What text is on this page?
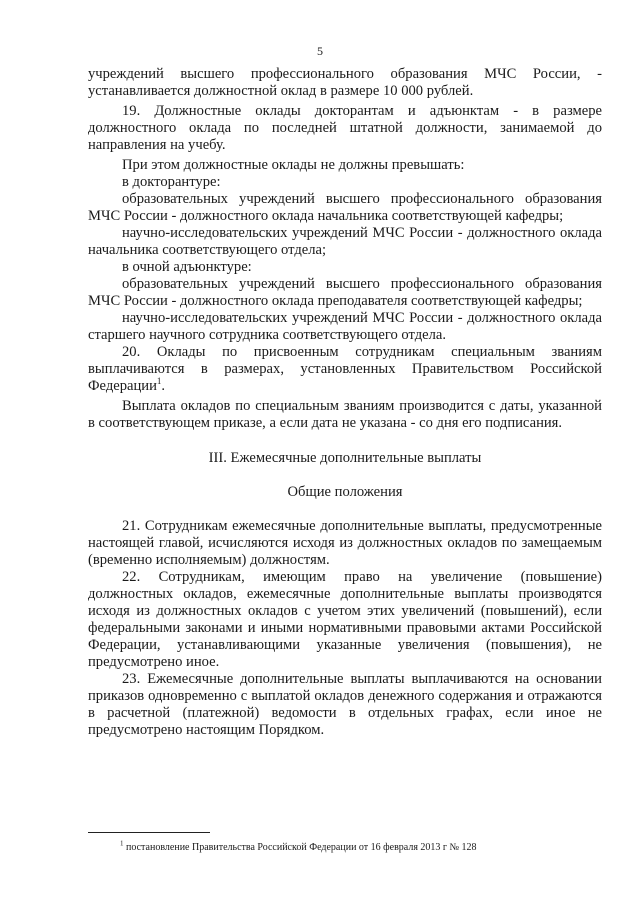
5

учреждений высшего профессионального образования МЧС России, - устанавливается должностной оклад в размере 10 000 рублей.

19. Должностные оклады докторантам и адъюнктам - в размере должностного оклада по последней штатной должности, занимаемой до направления на учебу.

При этом должностные оклады не должны превышать:

в докторантуре:

образовательных учреждений высшего профессионального образования МЧС России - должностного оклада начальника соответствующей кафедры;

научно-исследовательских учреждений МЧС России - должностного оклада начальника соответствующего отдела;

в очной адъюнктуре:

образовательных учреждений высшего профессионального образования МЧС России - должностного оклада преподавателя соответствующей кафедры;

научно-исследовательских учреждений МЧС России - должностного оклада старшего научного сотрудника соответствующего отдела.

20. Оклады по присвоенным сотрудникам специальным званиям выплачиваются в размерах, установленных Правительством Российской Федерации$^1$.

Выплата окладов по специальным званиям производится с даты, указанной в соответствующем приказе, а если дата не указана - со дня его подписания.

III. Ежемесячные дополнительные выплаты

Общие положения

21. Сотрудникам ежемесячные дополнительные выплаты, предусмотренные настоящей главой, исчисляются исходя из должностных окладов по замещаемым (временно исполняемым) должностям.

22. Сотрудникам, имеющим право на увеличение (повышение) должностных окладов, ежемесячные дополнительные выплаты производятся исходя из должностных окладов с учетом этих увеличений (повышений), если федеральными законами и иными нормативными правовыми актами Российской Федерации, устанавливающими указанные увеличения (повышения), не предусмотрено иное.

23. Ежемесячные дополнительные выплаты выплачиваются на основании приказов одновременно с выплатой окладов денежного содержания и отражаются в расчетной (платежной) ведомости в отдельных графах, если иное не предусмотрено настоящим Порядком.

$^1$ постановление Правительства Российской Федерации от 16 февраля 2013 г № 128
